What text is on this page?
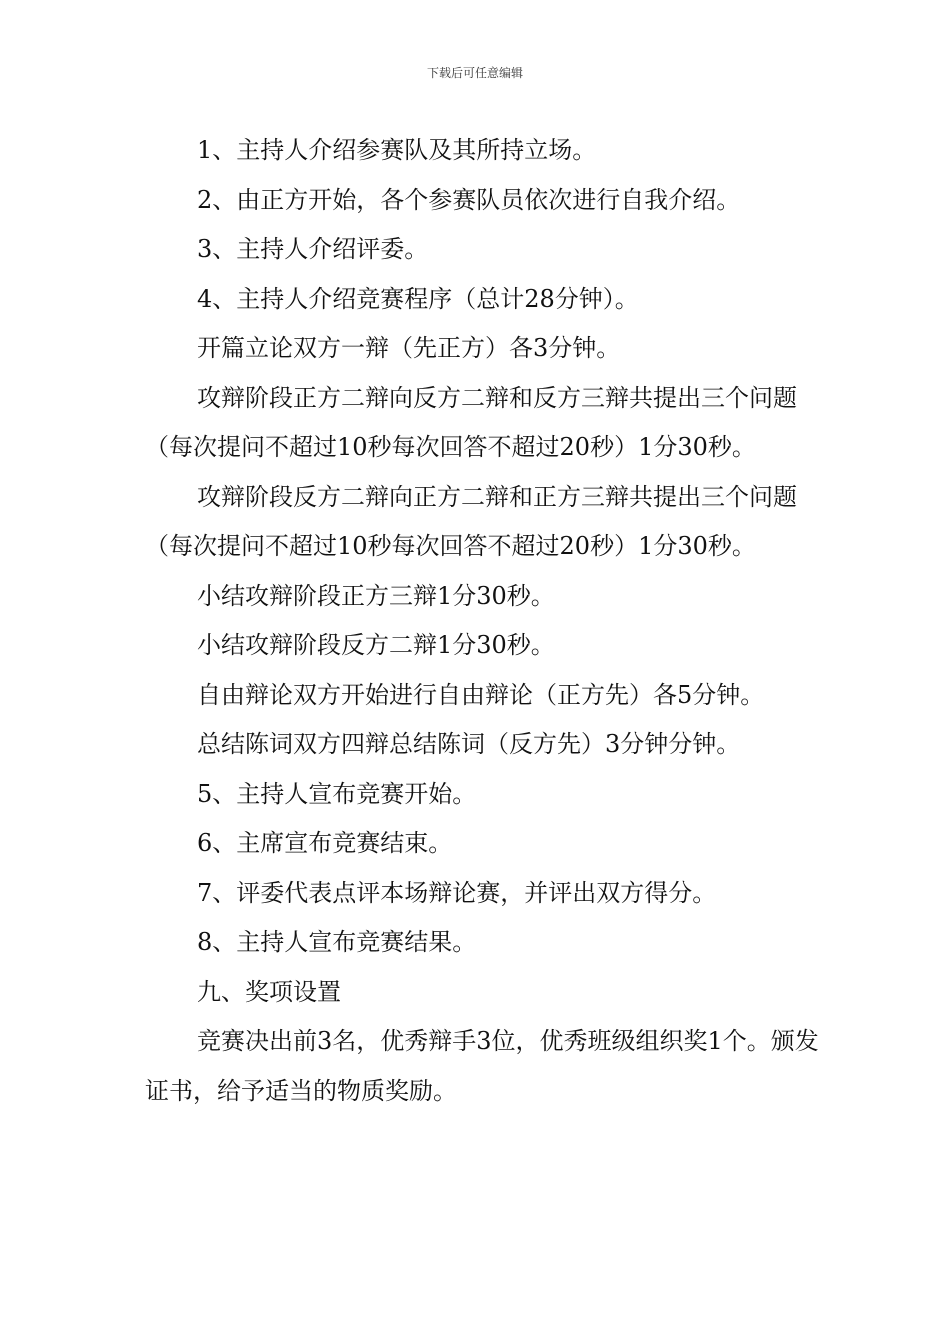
下载后可任意编辑

1、主持人介绍参赛队及其所持立场。

2、由正方开始，各个参赛队员依次进行自我介绍。

3、主持人介绍评委。

4、主持人介绍竞赛程序（总计28分钟）。

开篇立论双方一辩（先正方）各3分钟。

攻辩阶段正方二辩向反方二辩和反方三辩共提出三个问题（每次提问不超过10秒每次回答不超过20秒）1分30秒。

攻辩阶段反方二辩向正方二辩和正方三辩共提出三个问题（每次提问不超过10秒每次回答不超过20秒）1分30秒。

小结攻辩阶段正方三辩1分30秒。

小结攻辩阶段反方二辩1分30秒。

自由辩论双方开始进行自由辩论（正方先）各5分钟。

总结陈词双方四辩总结陈词（反方先）3分钟分钟。

5、主持人宣布竞赛开始。

6、主席宣布竞赛结束。

7、评委代表点评本场辩论赛，并评出双方得分。

8、主持人宣布竞赛结果。

九、奖项设置

竞赛决出前3名，优秀辩手3位，优秀班级组织奖1个。颁发证书，给予适当的物质奖励。
